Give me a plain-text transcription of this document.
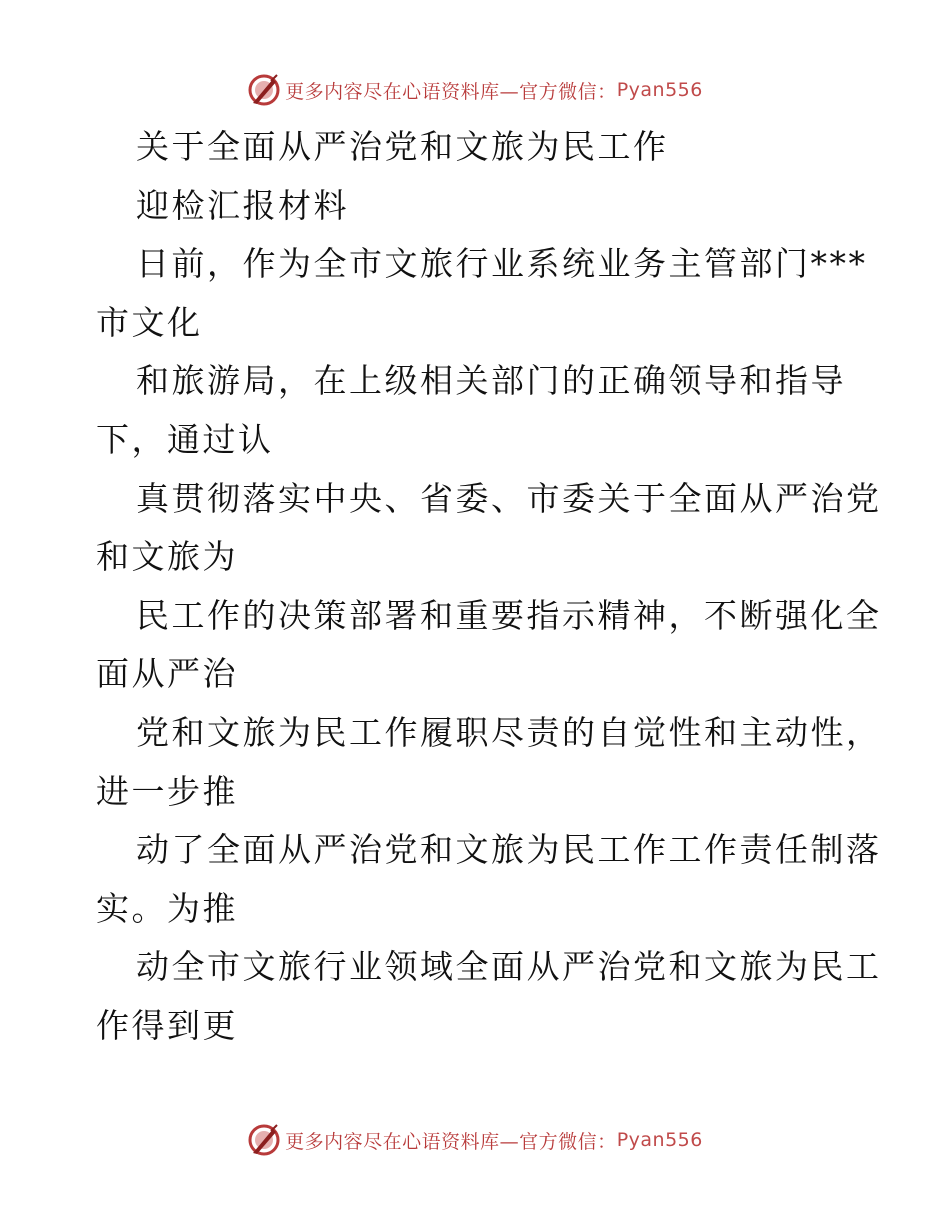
更多内容尽在心语资料库— 官方微信： Pyan556
关于全面从严治党和文旅为民工作
迎检汇报材料
日前，作为全市文旅行业系统业务主管部门***
市文化
和旅游局，在上级相关部门的正确领导和指导
下，通过认
真贯彻落实中央、省委、市委关于全面从严治党
和文旅为
民工作的决策部署和重要指示精神，不断强化全
面从严治
党和文旅为民工作履职尽责的自觉性和主动性，
进一步推
动了全面从严治党和文旅为民工作工作责任制落
实。为推
动全市文旅行业领域全面从严治党和文旅为民工
作得到更
更多内容尽在心语资料库— 官方微信： Pyan556
